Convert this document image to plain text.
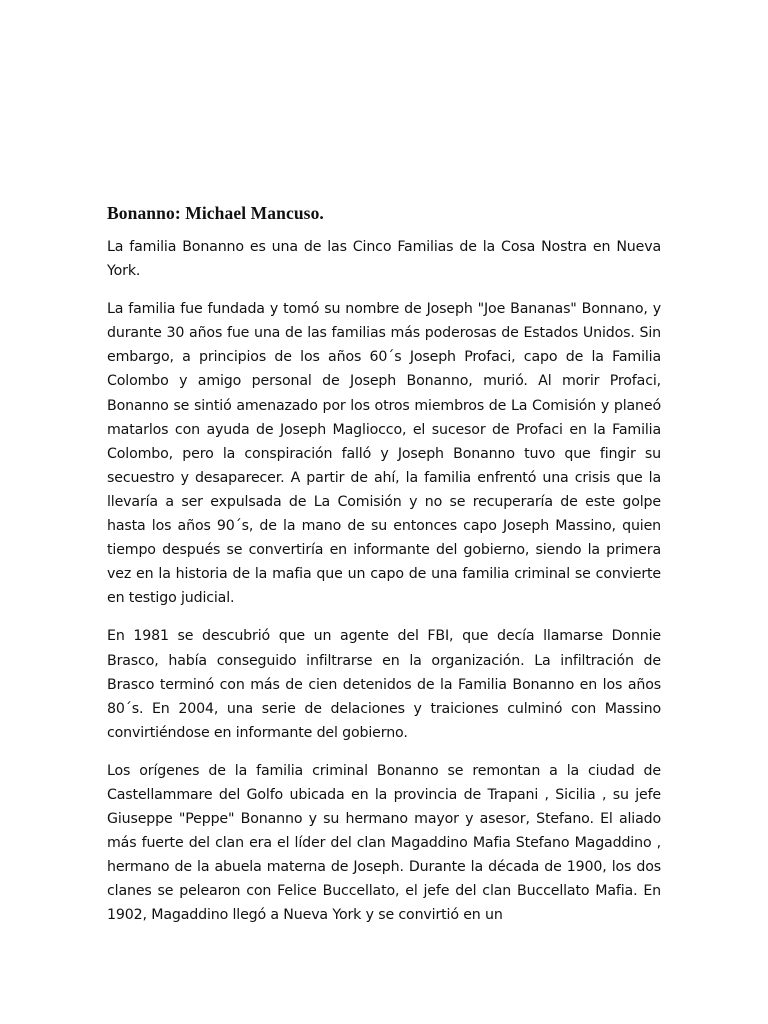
Bonanno: Michael Mancuso.

La familia Bonanno es una de las Cinco Familias de la Cosa Nostra en Nueva York.

La familia fue fundada y tomó su nombre de Joseph "Joe Bananas" Bonnano, y durante 30 años fue una de las familias más poderosas de Estados Unidos. Sin embargo, a principios de los años 60´s Joseph Profaci, capo de la Familia Colombo y amigo personal de Joseph Bonanno, murió. Al morir Profaci, Bonanno se sintió amenazado por los otros miembros de La Comisión y planeó matarlos con ayuda de Joseph Magliocco, el sucesor de Profaci en la Familia Colombo, pero la conspiración falló y Joseph Bonanno tuvo que fingir su secuestro y desaparecer. A partir de ahí, la familia enfrentó una crisis que la llevaría a ser expulsada de La Comisión y no se recuperaría de este golpe hasta los años 90´s, de la mano de su entonces capo Joseph Massino, quien tiempo después se convertiría en informante del gobierno, siendo la primera vez en la historia de la mafia que un capo de una familia criminal se convierte en testigo judicial.

En 1981 se descubrió que un agente del FBI, que decía llamarse Donnie Brasco, había conseguido infiltrarse en la organización. La infiltración de Brasco terminó con más de cien detenidos de la Familia Bonanno en los años 80´s. En 2004, una serie de delaciones y traiciones culminó con Massino convirtiéndose en informante del gobierno.

Los orígenes de la familia criminal Bonanno se remontan a la ciudad de Castellammare del Golfo ubicada en la provincia de Trapani , Sicilia , su jefe Giuseppe "Peppe" Bonanno y su hermano mayor y asesor, Stefano. El aliado más fuerte del clan era el líder del clan Magaddino Mafia Stefano Magaddino , hermano de la abuela materna de Joseph. Durante la década de 1900, los dos clanes se pelearon con Felice Buccellato, el jefe del clan Buccellato Mafia. En 1902, Magaddino llegó a Nueva York y se convirtió en un
